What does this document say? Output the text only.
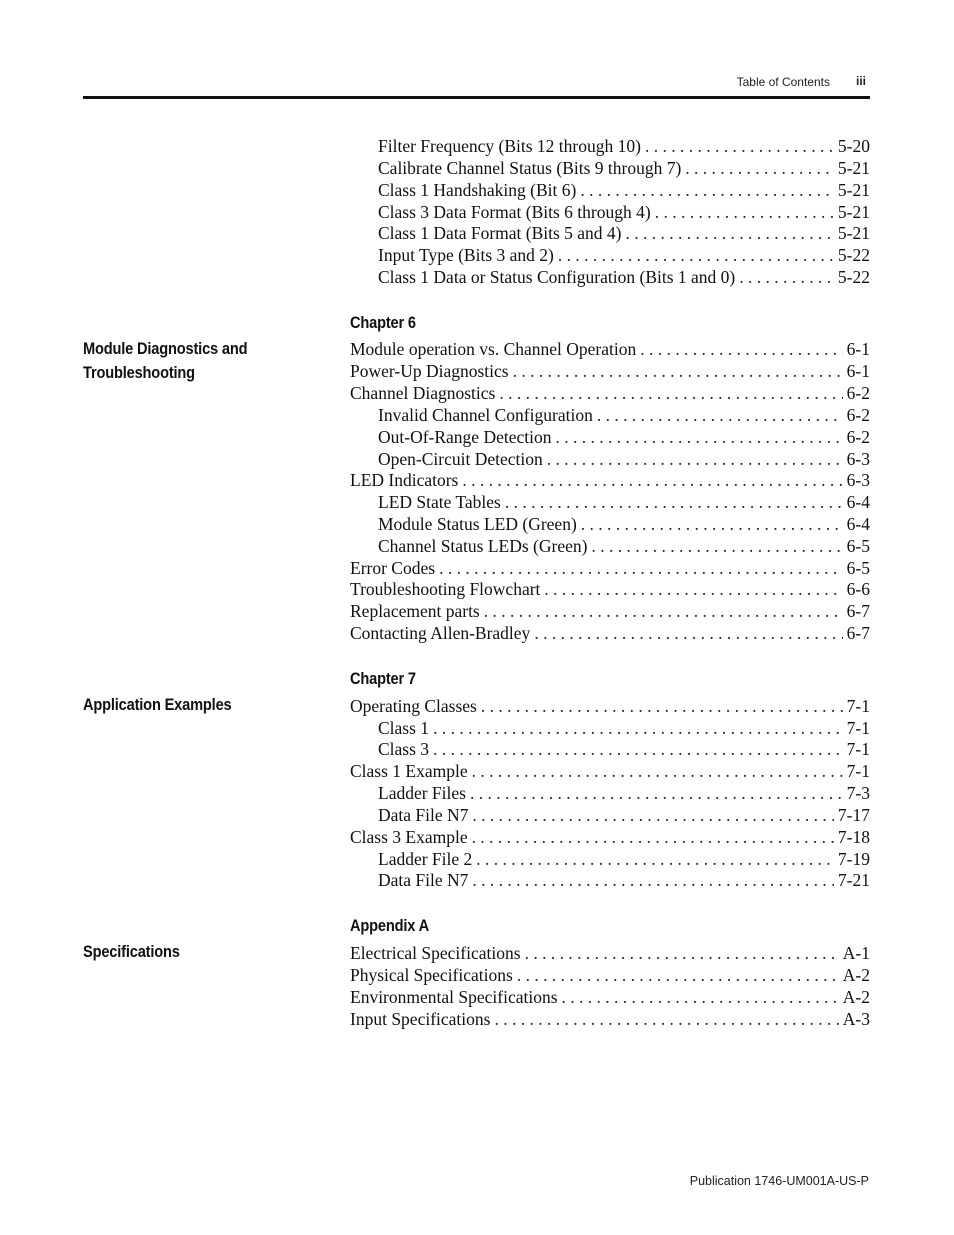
Table of Contents iii
Filter Frequency (Bits 12 through 10) . . .	5-20
Calibrate Channel Status (Bits 9 through 7) . . .	5-21
Class 1 Handshaking (Bit 6) . . .	5-21
Class 3 Data Format (Bits 6 through 4) . . .	5-21
Class 1 Data Format (Bits 5 and 4) . . .	5-21
Input Type (Bits 3 and 2) . . .	5-22
Class 1 Data or Status Configuration (Bits 1 and 0) . . .	5-22
Chapter 6
Module Diagnostics and
Troubleshooting
Module operation vs. Channel Operation . . .	6-1
Power-Up Diagnostics . . .	6-1
Channel Diagnostics . . .	6-2
Invalid Channel Configuration . . .	6-2
Out-Of-Range Detection . . .	6-2
Open-Circuit Detection . . .	6-3
LED Indicators . . .	6-3
LED State Tables . . .	6-4
Module Status LED (Green) . . .	6-4
Channel Status LEDs (Green) . . .	6-5
Error Codes . . .	6-5
Troubleshooting Flowchart . . .	6-6
Replacement parts . . .	6-7
Contacting Allen-Bradley . . .	6-7
Chapter 7
Application Examples	Operating Classes . . .	7-1
Class 1 . . .	7-1
Class 3 . . .	7-1
Class 1 Example . . .	7-1
Ladder Files . . .	7-3
Data File N7 . . .	7-17
Class 3 Example . . .	7-18
Ladder File 2 . . .	7-19
Data File N7 . . .	7-21
Appendix A
Specifications	Electrical Specifications . . .	A-1
Physical Specifications . . .	A-2
Environmental Specifications . . .	A-2
Input Specifications . . .	A-3
Publication 1746-UM001A-US-P
